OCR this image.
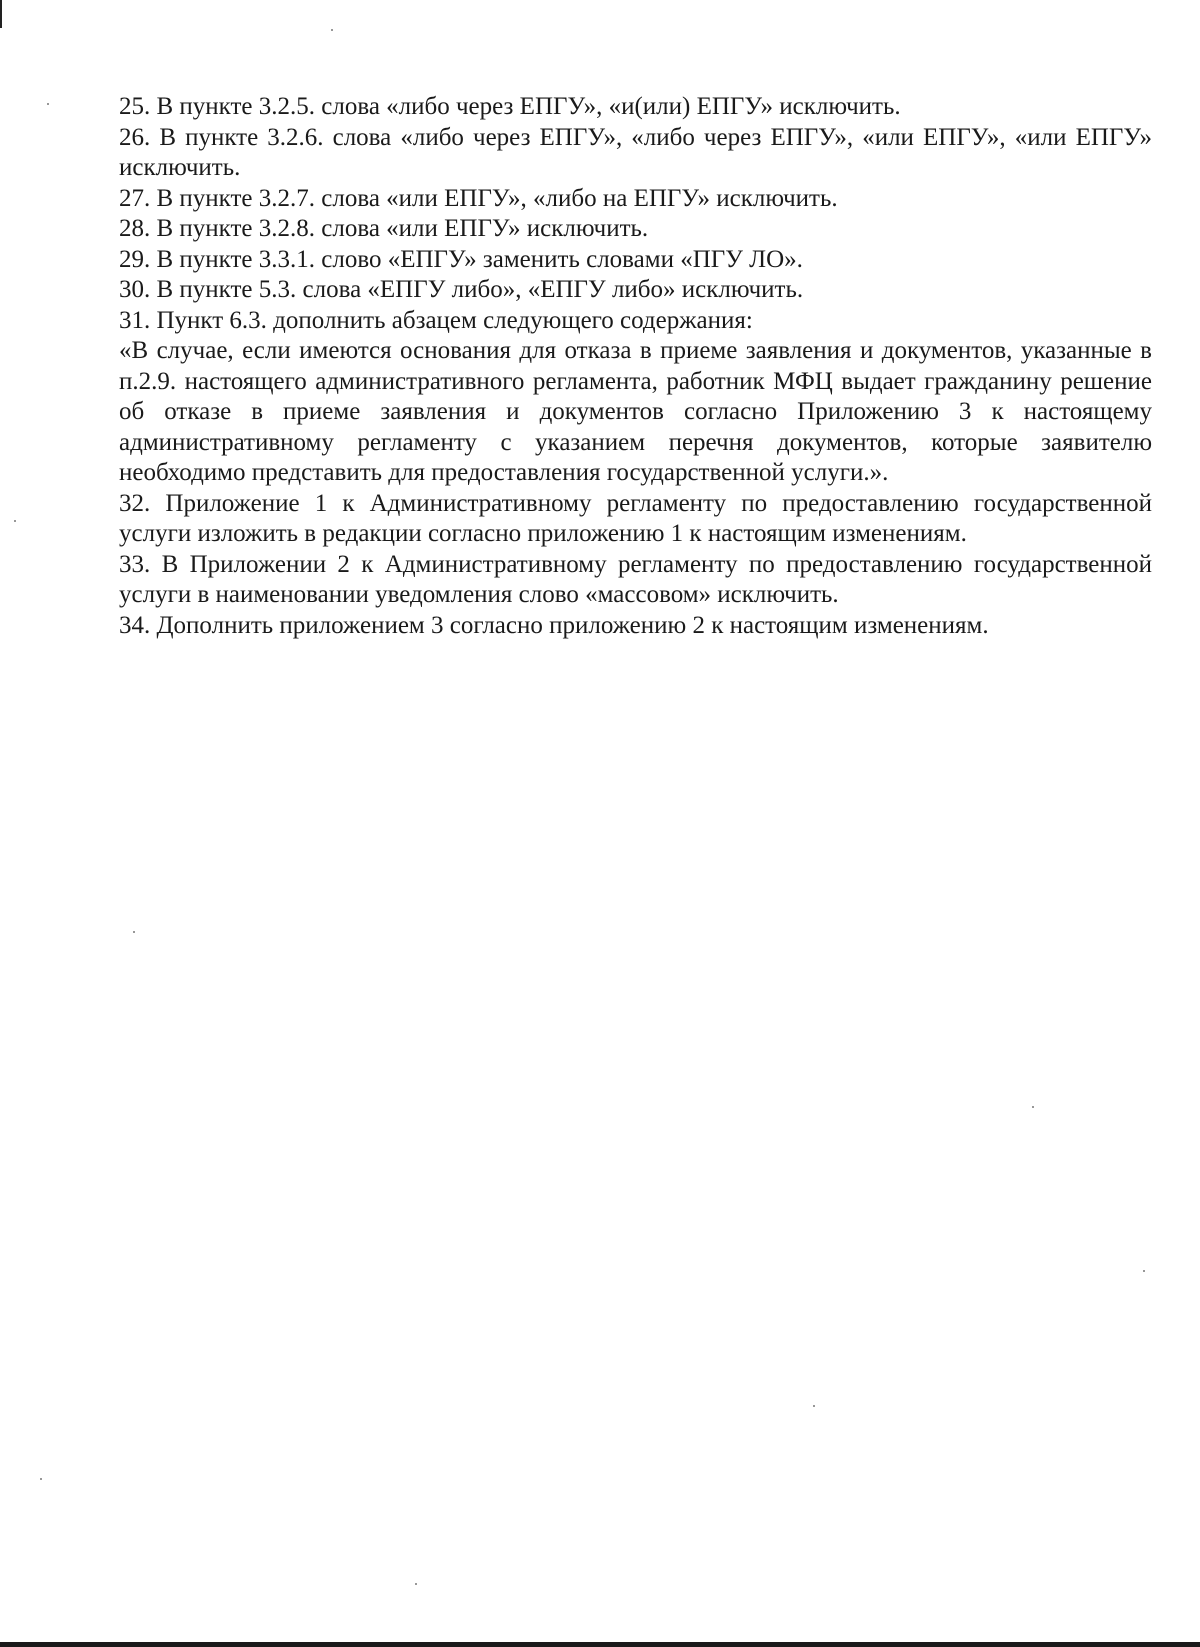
25. В пункте 3.2.5. слова «либо через ЕПГУ», «и(или) ЕПГУ» исключить.

26. В пункте 3.2.6. слова «либо через ЕПГУ», «либо через ЕПГУ», «или ЕПГУ», «или ЕПГУ» исключить.

27. В пункте 3.2.7. слова «или ЕПГУ», «либо на ЕПГУ» исключить.

28. В пункте 3.2.8. слова «или ЕПГУ» исключить.

29. В пункте 3.3.1. слово «ЕПГУ» заменить словами «ПГУ ЛО».

30. В пункте 5.3. слова «ЕПГУ либо», «ЕПГУ либо» исключить.

31. Пункт 6.3. дополнить абзацем следующего содержания:

«В случае, если имеются основания для отказа в приеме заявления и документов, указанные в п.2.9. настоящего административного регламента, работник МФЦ выдает гражданину решение об отказе в приеме заявления и документов согласно Приложению 3 к настоящему административному регламенту с указанием перечня документов, которые заявителю необходимо представить для предоставления государственной услуги.».

32. Приложение 1 к Административному регламенту по предоставлению государственной услуги изложить в редакции согласно приложению 1 к настоящим изменениям.

33. В Приложении 2 к Административному регламенту по предоставлению государственной услуги в наименовании уведомления слово «массовом» исключить.

34. Дополнить приложением 3 согласно приложению 2 к настоящим изменениям.
